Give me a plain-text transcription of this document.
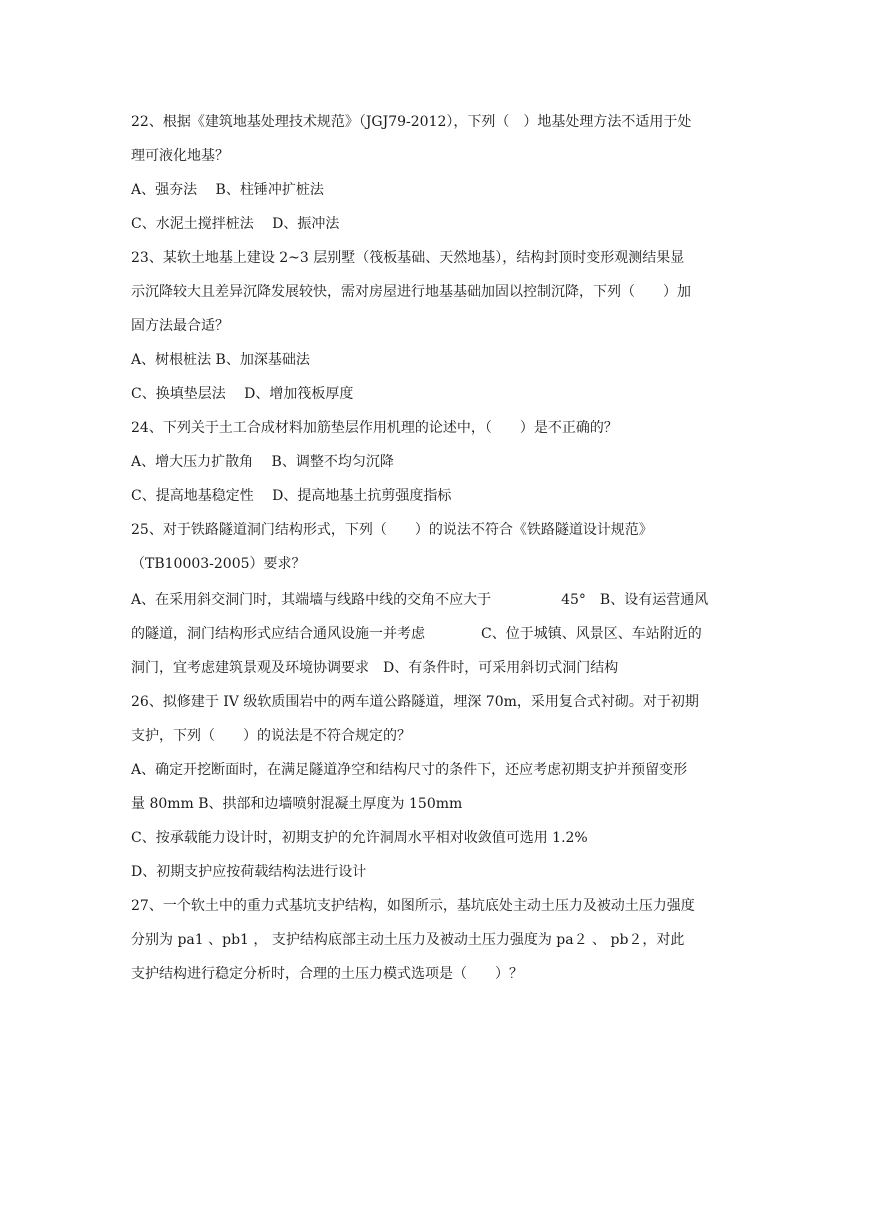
22、根据《建筑地基处理技术规范》（JGJ79-2012），下列（　）地基处理方法不适用于处
理可液化地基？
A、强夯法　 B、柱锤冲扩桩法
C、水泥土搅拌桩法　 D、振冲法
23、某软土地基上建设 2~3 层别墅（筏板基础、天然地基），结构封顶时变形观测结果显
示沉降较大且差异沉降发展较快，需对房屋进行地基基础加固以控制沉降，下列（　　）加
固方法最合适？
A、树根桩法 B、加深基础法
C、换填垫层法　 D、增加筏板厚度
24、下列关于土工合成材料加筋垫层作用机理的论述中，（　　）是不正确的？
A、增大压力扩散角　 B、调整不均匀沉降
C、提高地基稳定性　 D、提高地基土抗剪强度指标
25、对于铁路隧道洞门结构形式，下列（　　）的说法不符合《铁路隧道设计规范》
（TB10003-2005）要求？
A、在采用斜交洞门时，其端墙与线路中线的交角不应大于　　　　　45°　B、设有运营通风
的隧道，洞门结构形式应结合通风设施一并考虑　　　　C、位于城镇、风景区、车站附近的
洞门，宜考虑建筑景观及环境协调要求　D、有条件时，可采用斜切式洞门结构
26、拟修建于 IV 级软质围岩中的两车道公路隧道，埋深 70m，采用复合式衬砌。对于初期
支护，下列（　　）的说法是不符合规定的？
A、确定开挖断面时，在满足隧道净空和结构尺寸的条件下，还应考虑初期支护并预留变形
量 80mm B、拱部和边墙喷射混凝土厚度为 150mm
C、按承载能力设计时，初期支护的允许洞周水平相对收敛值可选用 1.2%
D、初期支护应按荷载结构法进行设计
27、一个软土中的重力式基坑支护结构，如图所示，基坑底处主动土压力及被动土压力强度
分别为 pa1 、pb1 ， 支护结构底部主动土压力及被动土压力强度为 pa２ 、 pb２，对此
支护结构进行稳定分析时，合理的土压力模式选项是（　　）？
